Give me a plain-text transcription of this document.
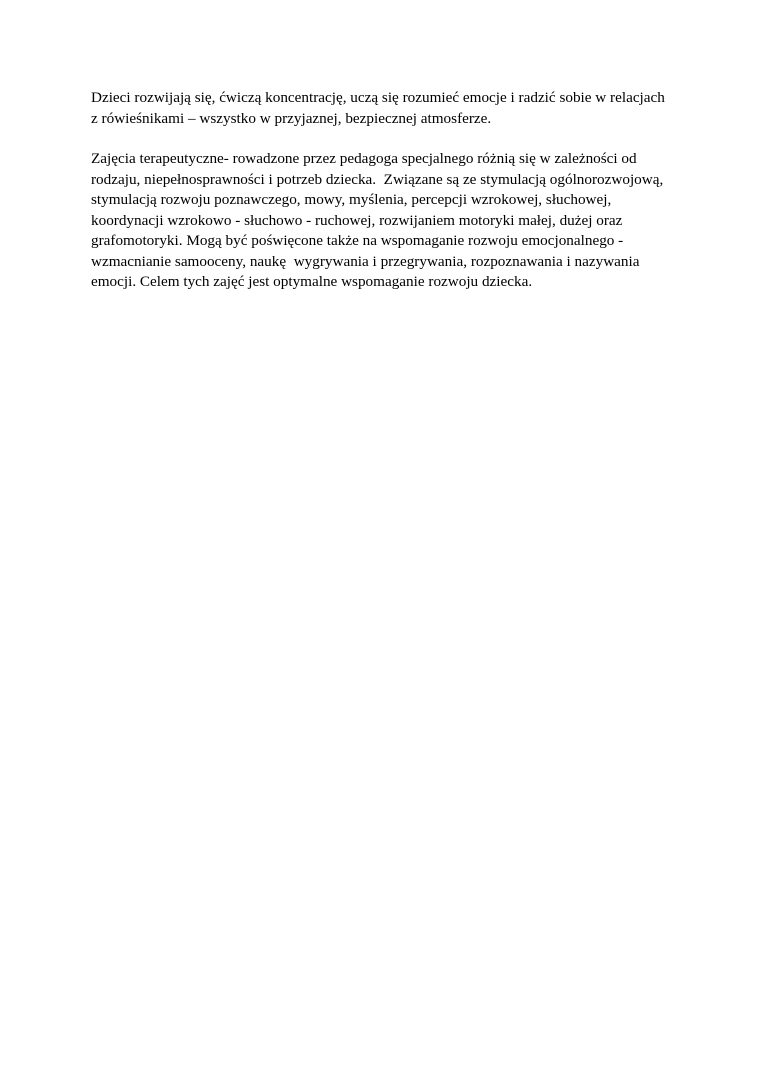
Dzieci rozwijają się, ćwiczą koncentrację, uczą się rozumieć emocje i radzić sobie w relacjach
z rówieśnikami – wszystko w przyjaznej, bezpiecznej atmosferze.

Zajęcia terapeutyczne- rowadzone przez pedagoga specjalnego różnią się w zależności od
rodzaju, niepełnosprawności i potrzeb dziecka.  Związane są ze stymulacją ogólnorozwojową,
stymulacją rozwoju poznawczego, mowy, myślenia, percepcji wzrokowej, słuchowej,
koordynacji wzrokowo - słuchowo - ruchowej, rozwijaniem motoryki małej, dużej oraz
grafomotoryki. Mogą być poświęcone także na wspomaganie rozwoju emocjonalnego -
wzmacnianie samooceny, naukę  wygrywania i przegrywania, rozpoznawania i nazywania
emocji. Celem tych zajęć jest optymalne wspomaganie rozwoju dziecka.
